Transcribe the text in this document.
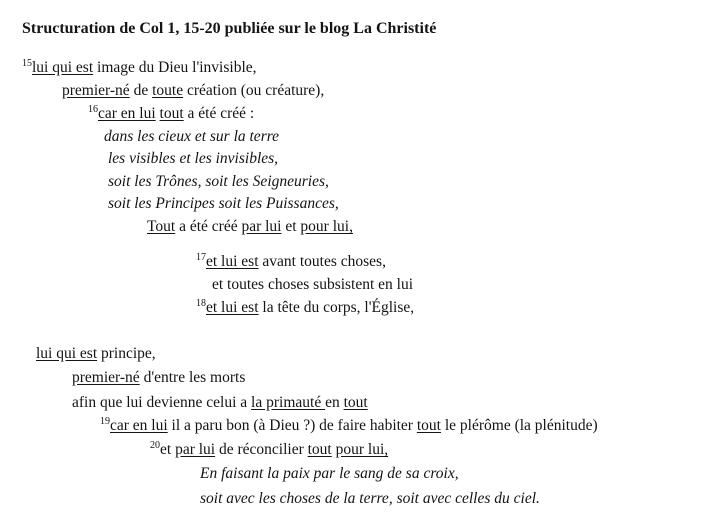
Structuration de Col 1, 15-20 publiée sur le blog La Christité
$^{15}$lui qui est image du Dieu l'invisible,
premier-né de toute création (ou créature),
$^{16}$car en lui tout a été créé :
dans les cieux et sur la terre
les visibles et les invisibles,
soit les Trônes, soit les Seigneuries,
soit les Principes soit les Puissances,
Tout a été créé par lui et pour lui,
$^{17}$et lui est avant toutes choses,
et toutes choses subsistent en lui
$^{18}$et lui est la tête du corps, l'Église,
lui qui est principe,
premier-né d'entre les morts
afin que lui devienne celui a la primauté en tout
$^{19}$car en lui il a paru bon (à Dieu ?) de faire habiter tout le plérôme (la plénitude)
$^{20}$et par lui de réconcilier tout pour lui,
En faisant la paix par le sang de sa croix,
soit avec les choses de la terre, soit avec celles du ciel.
